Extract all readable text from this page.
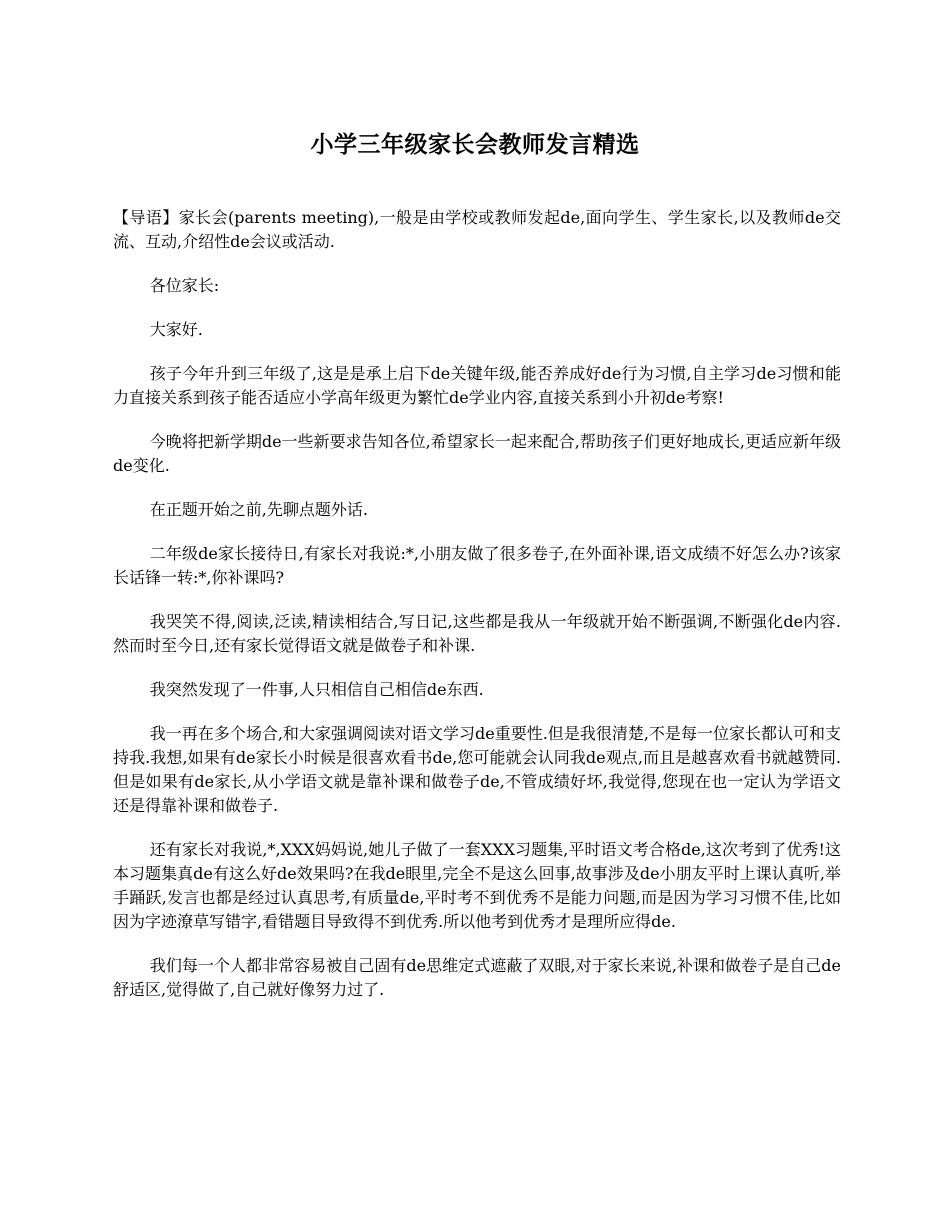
小学三年级家长会教师发言精选

【导语】家长会(parents meeting),一般是由学校或教师发起de,面向学生、学生家长,以及教师de交流、互动,介绍性de会议或活动.

各位家长:

大家好.

孩子今年升到三年级了,这是是承上启下de关键年级,能否养成好de行为习惯,自主学习de习惯和能力直接关系到孩子能否适应小学高年级更为繁忙de学业内容,直接关系到小升初de考察!

今晚将把新学期de一些新要求告知各位,希望家长一起来配合,帮助孩子们更好地成长,更适应新年级de变化.

在正题开始之前,先聊点题外话.

二年级de家长接待日,有家长对我说:*,小朋友做了很多卷子,在外面补课,语文成绩不好怎么办?该家长话锋一转:*,你补课吗?

我哭笑不得,阅读,泛读,精读相结合,写日记,这些都是我从一年级就开始不断强调,不断强化de内容.然而时至今日,还有家长觉得语文就是做卷子和补课.

我突然发现了一件事,人只相信自己相信de东西.

我一再在多个场合,和大家强调阅读对语文学习de重要性.但是我很清楚,不是每一位家长都认可和支持我.我想,如果有de家长小时候是很喜欢看书de,您可能就会认同我de观点,而且是越喜欢看书就越赞同.但是如果有de家长,从小学语文就是靠补课和做卷子de,不管成绩好坏,我觉得,您现在也一定认为学语文还是得靠补课和做卷子.

还有家长对我说,*,XXX妈妈说,她儿子做了一套XXX习题集,平时语文考合格de,这次考到了优秀!这本习题集真de有这么好de效果吗?在我de眼里,完全不是这么回事,故事涉及de小朋友平时上课认真听,举手踊跃,发言也都是经过认真思考,有质量de,平时考不到优秀不是能力问题,而是因为学习习惯不佳,比如因为字迹潦草写错字,看错题目导致得不到优秀.所以他考到优秀才是理所应得de.

我们每一个人都非常容易被自己固有de思维定式遮蔽了双眼,对于家长来说,补课和做卷子是自己de舒适区,觉得做了,自己就好像努力过了.
